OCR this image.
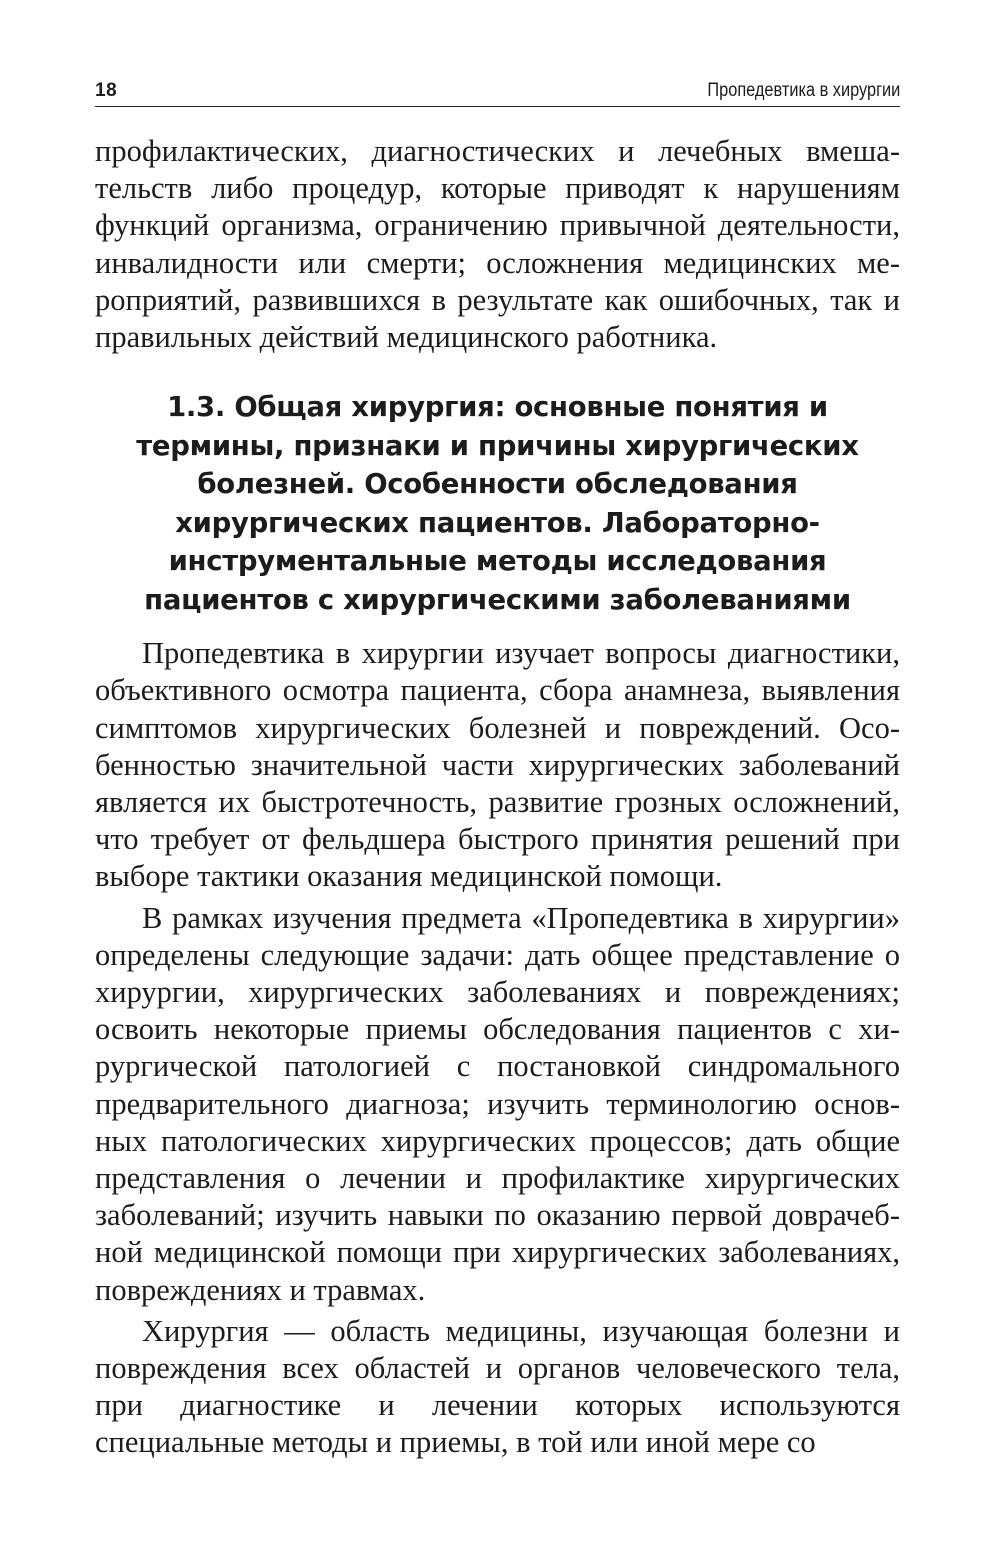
18	Пропедевтика в хирургии

профилактических, диагностических и лечебных вмешательств либо процедур, которые приводят к нарушениям функций организма, ограничению привычной деятельности, инвалидности или смерти; осложнения медицинских мероприятий, развившихся в результате как ошибочных, так и правильных действий медицинского работника.

1.3. Общая хирургия: основные понятия и термины, признаки и причины хирургических болезней. Особенности обследования хирургических пациентов. Лабораторно-инструментальные методы исследования пациентов с хирургическими заболеваниями

Пропедевтика в хирургии изучает вопросы диагностики, объективного осмотра пациента, сбора анамнеза, выявления симптомов хирургических болезней и повреждений. Особенностью значительной части хирургических заболеваний является их быстротечность, развитие грозных осложнений, что требует от фельдшера быстрого принятия решений при выборе тактики оказания медицинской помощи.

В рамках изучения предмета «Пропедевтика в хирургии» определены следующие задачи: дать общее представление о хирургии, хирургических заболеваниях и повреждениях; освоить некоторые приемы обследования пациентов с хирургической патологией с постановкой синдромального предварительного диагноза; изучить терминологию основных патологических хирургических процессов; дать общие представления о лечении и профилактике хирургических заболеваний; изучить навыки по оказанию первой доврачебной медицинской помощи при хирургических заболеваниях, повреждениях и травмах.

Хирургия — область медицины, изучающая болезни и повреждения всех областей и органов человеческого тела, при диагностике и лечении которых используются специальные методы и приемы, в той или иной мере со
